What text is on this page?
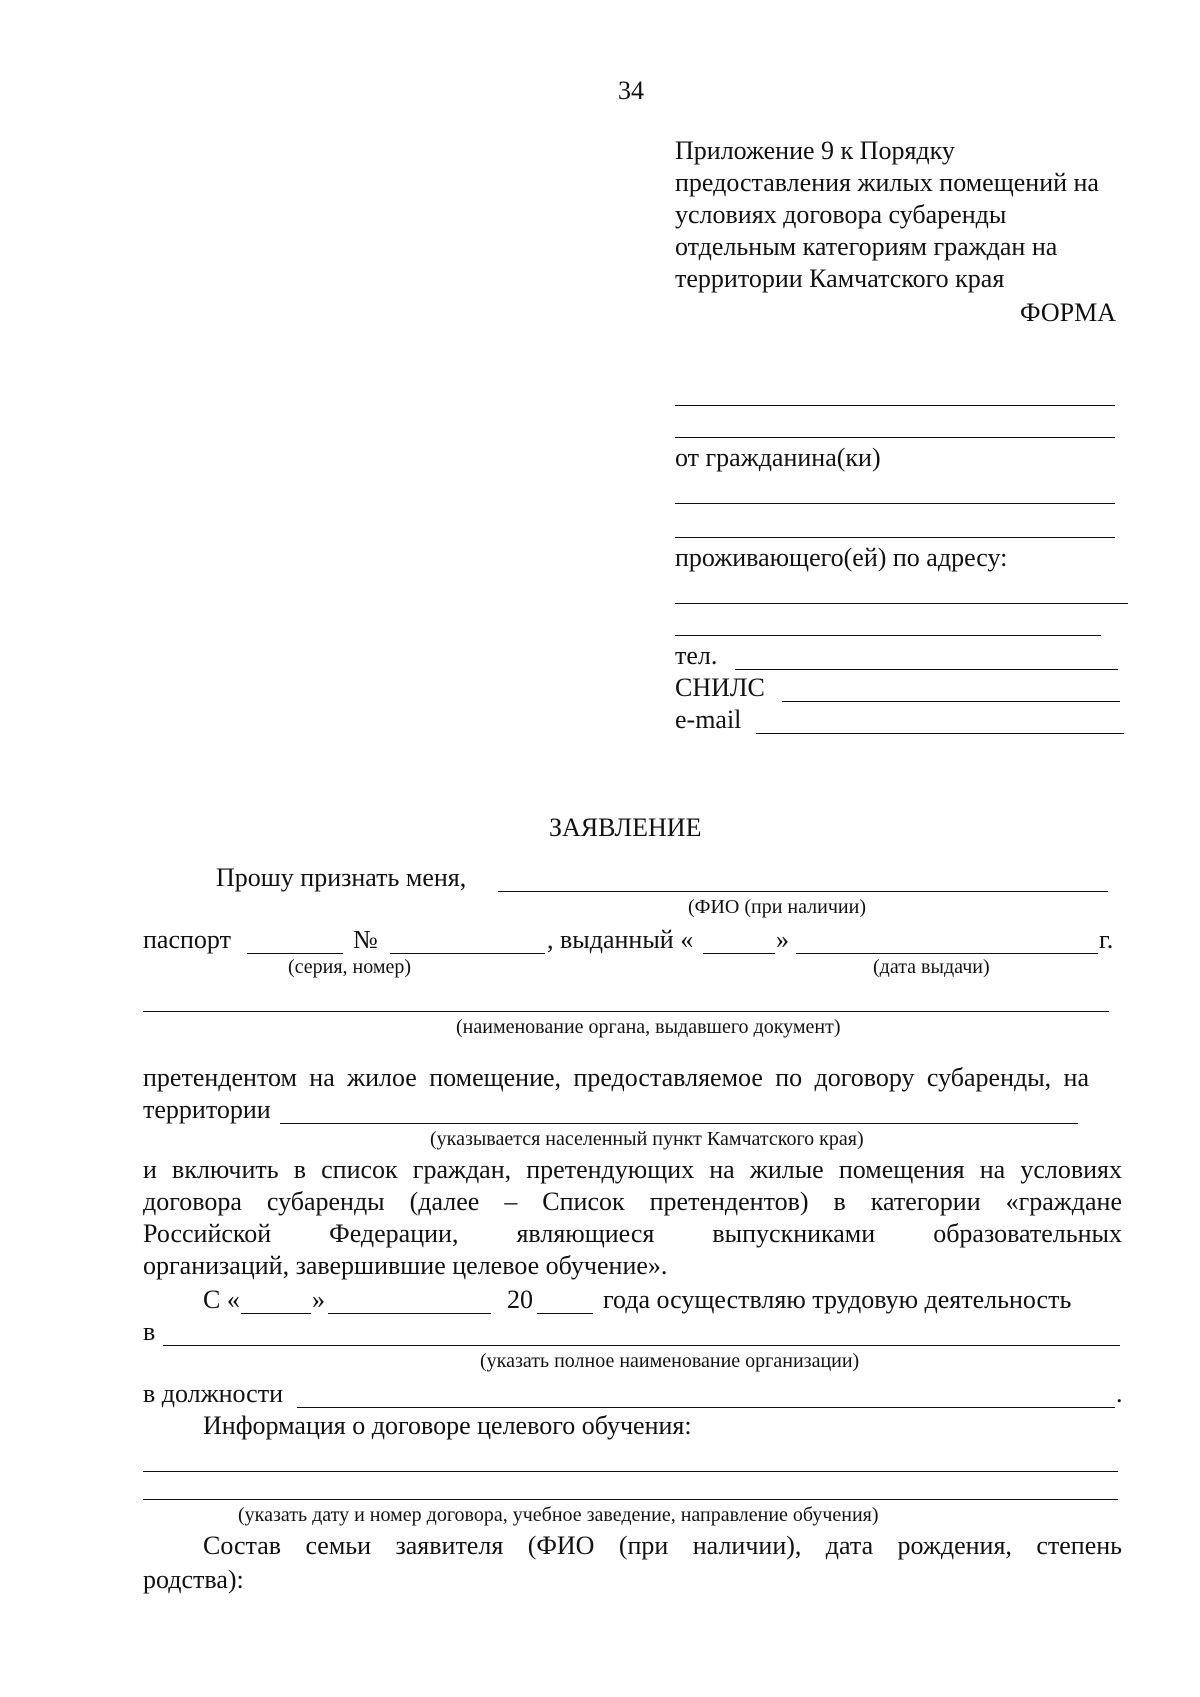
34
Приложение 9 к Порядку
предоставления жилых помещений на
условиях договора субаренды
отдельным категориям граждан на
территории Камчатского края
ФОРМА
от гражданина(ки)
проживающего(ей) по адресу:
тел.
СНИЛС
e-mail
ЗАЯВЛЕНИЕ
Прошу признать меня,
(ФИО (при наличии)
паспорт	№	, выданный «	»	г.
(серия, номер)	(дата выдачи)
(наименование органа, выдавшего документ)
претендентом на жилое помещение, предоставляемое по договору субаренды, на
территории
(указывается населенный пункт Камчатского края)
и включить в список граждан, претендующих на жилые помещения на условиях
договора субаренды (далее – Список претендентов) в категории «граждане
Российской Федерации, являющиеся выпускниками образовательных
организаций, завершившие целевое обучение».
С «	»	20	года осуществляю трудовую деятельность
в
(указать полное наименование организации)
в должности	.
Информация о договоре целевого обучения:
(указать дату и номер договора, учебное заведение, направление обучения)
Состав семьи заявителя (ФИО (при наличии), дата рождения, степень
родства):
